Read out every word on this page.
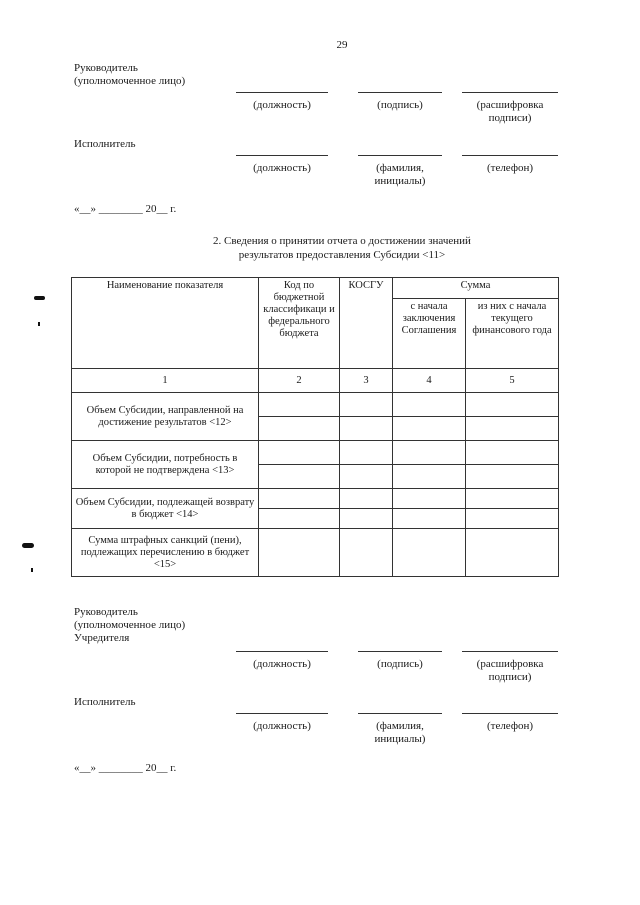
29
Руководитель
(уполномоченное лицо)
(должность)	(подпись)	(расшифровка
подписи)
Исполнитель
(должность)	(фамилия,
инициалы)
(телефон)
«__» ________ 20__ г.
2. Сведения о принятии отчета о достижении значений
результатов предоставления Субсидии <11>
Наименование показателя	Код по бюджетной классификаци и федерального бюджета	КОСГУ	Сумма	
			с начала заключения Соглашения	из них с начала текущего финансового года
1	2	3	4	5
Объем Субсидии, направленной на достижение результатов <12>				

Объем Субсидии, потребность в которой не подтверждена <13>				

Объем Субсидии, подлежащей возврату в бюджет <14>				

Сумма штрафных санкций (пени), подлежащих перечислению в бюджет <15>				
Руководитель
(уполномоченное лицо)
Учредителя
(должность)	(подпись)	(расшифровка
подписи)
Исполнитель
(должность)	(фамилия,
инициалы)
(телефон)
«__» ________ 20__ г.
